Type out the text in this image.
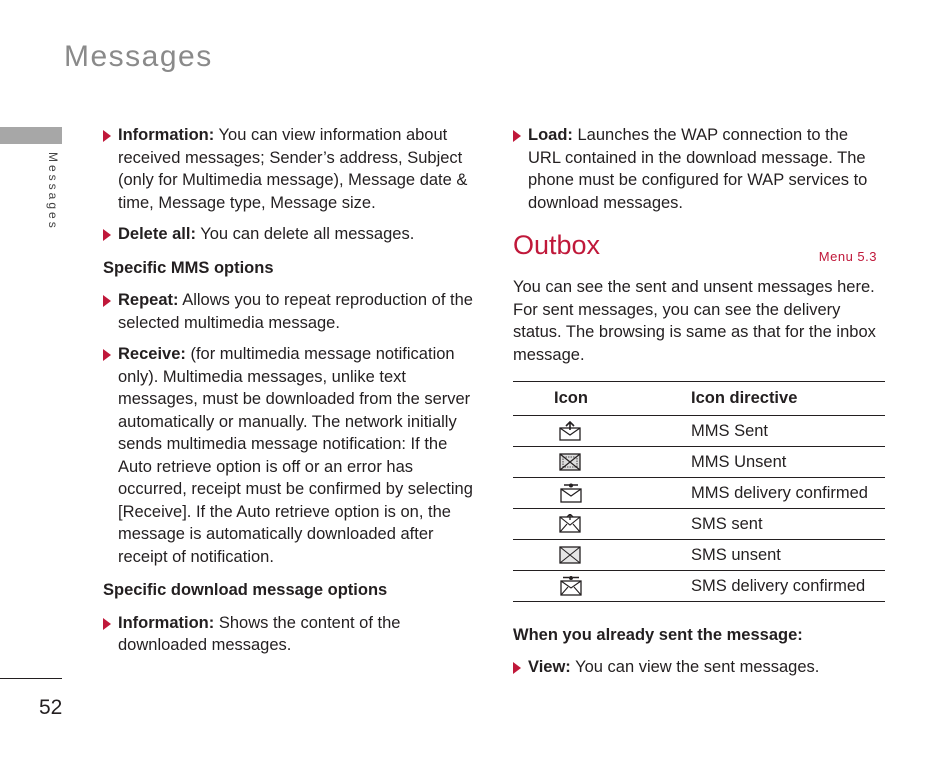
Messages
Messages
52
Information: You can view information about received messages; Sender’s address, Subject (only for Multimedia message), Message date & time, Message type, Message size.
Delete all: You can delete all messages.
Specific MMS options
Repeat: Allows you to repeat reproduction of the selected multimedia message.
Receive: (for multimedia message notification only). Multimedia messages, unlike text messages, must be downloaded from the server automatically or manually. The network initially sends multimedia message notification: If the Auto retrieve option is off or an error has occurred, receipt must be confirmed by selecting [Receive]. If the Auto retrieve option is on, the message is automatically downloaded after receipt of notification.
Specific download message options
Information: Shows the content of the downloaded messages.
Load: Launches the WAP connection to the URL contained in the download message. The phone must be configured for WAP services to download messages.
Outbox	Menu 5.3
You can see the sent and unsent messages here. For sent messages, you can see the delivery status. The browsing is same as that for the inbox message.
Icon	Icon directive

	MMS Sent

	MMS Unsent

	MMS delivery confirmed

	SMS sent

	SMS unsent

	SMS delivery confirmed
When you already sent the message:
View: You can view the sent messages.
